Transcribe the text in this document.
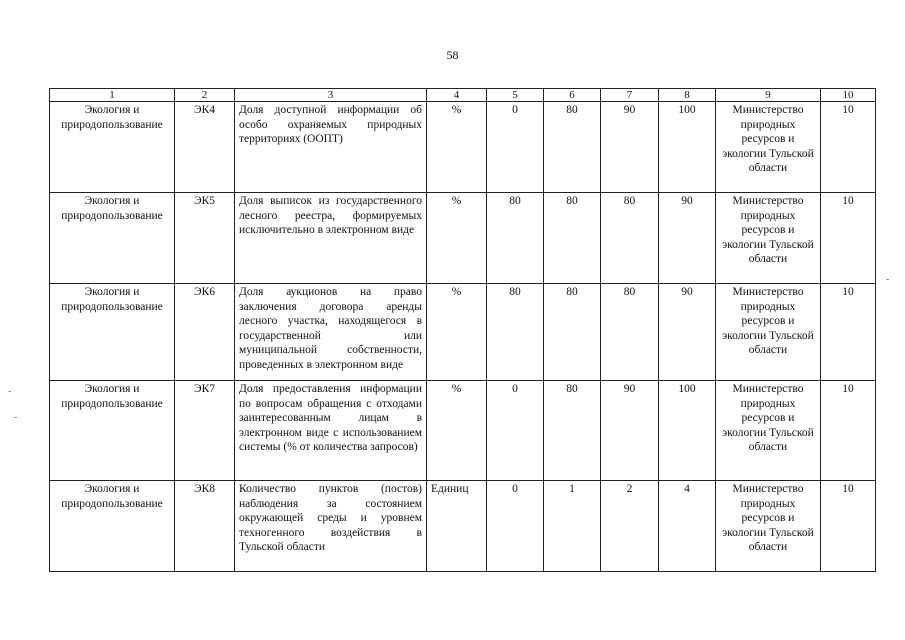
58
1	2	3	4	5	6	7	8	9	10
Экология и природопользование	ЭК4	Доля доступной информации об особо охраняемых природных территориях (ООПТ)	%	0	80	90	100	Министерство природных ресурсов и экологии Тульской области	10
Экология и природопользование	ЭК5	Доля выписок из государственного лесного реестра, формируемых исключительно в электронном виде	%	80	80	80	90	Министерство природных ресурсов и экологии Тульской области	10
Экология и природопользование	ЭК6	Доля аукционов на право заключения договора аренды лесного участка, находящегося в государственной или муниципальной собственности, проведенных в электронном виде	%	80	80	80	90	Министерство природных ресурсов и экологии Тульской области	10
Экология и природопользование	ЭК7	Доля предоставления информации по вопросам обращения с отходами заинтересованным лицам в электронном виде с использованием системы (% от количества запросов)	%	0	80	90	100	Министерство природных ресурсов и экологии Тульской области	10
Экология и природопользование	ЭК8	Количество пунктов (постов) наблюдения за состоянием окружающей среды и уровнем техногенного воздействия в Тульской области	Единиц	0	1	2	4	Министерство природных ресурсов и экологии Тульской области	10
-
-
-
